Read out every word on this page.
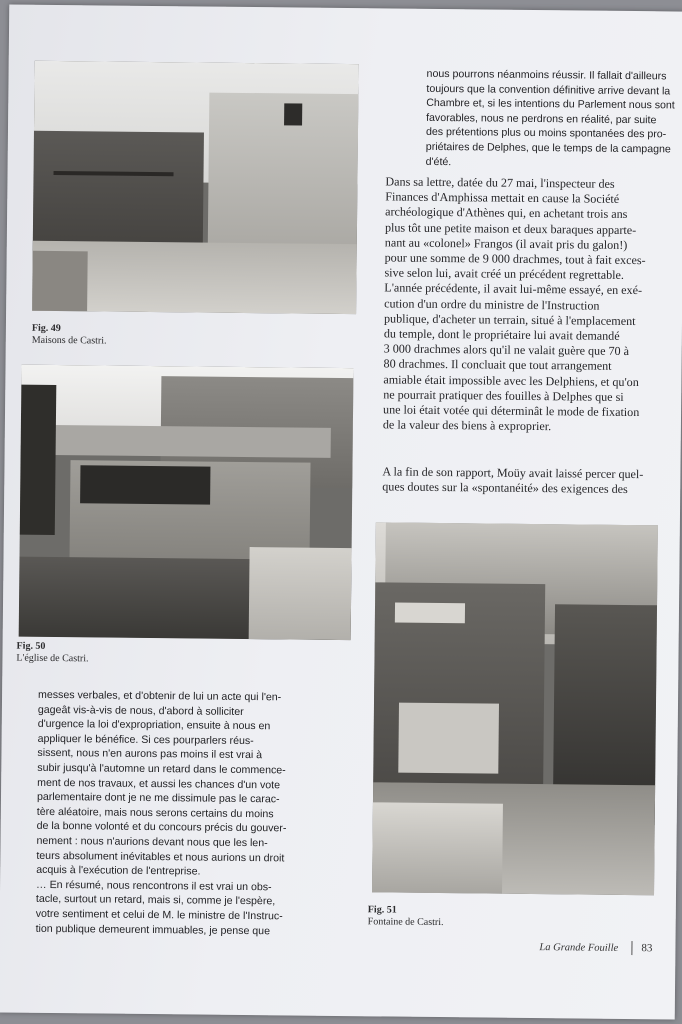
Fig. 49
Maisons de Castri.
Fig. 50
L'église de Castri.
Fig. 51
Fontaine de Castri.
nous pourrons néanmoins réussir. Il fallait d'ailleurs
toujours que la convention définitive arrive devant la
Chambre et, si les intentions du Parlement nous sont
favorables, nous ne perdrons en réalité, par suite
des prétentions plus ou moins spontanées des pro-
priétaires de Delphes, que le temps de la campagne
d'été.
Dans sa lettre, datée du 27 mai, l'inspecteur des
Finances d'Amphissa mettait en cause la Société
archéologique d'Athènes qui, en achetant trois ans
plus tôt une petite maison et deux baraques apparte-
nant au «colonel» Frangos (il avait pris du galon!)
pour une somme de 9 000 drachmes, tout à fait exces-
sive selon lui, avait créé un précédent regrettable.
L'année précédente, il avait lui-même essayé, en exé-
cution d'un ordre du ministre de l'Instruction
publique, d'acheter un terrain, situé à l'emplacement
du temple, dont le propriétaire lui avait demandé
3 000 drachmes alors qu'il ne valait guère que 70 à
80 drachmes. Il concluait que tout arrangement
amiable était impossible avec les Delphiens, et qu'on
ne pourrait pratiquer des fouilles à Delphes que si
une loi était votée qui déterminât le mode de fixation
de la valeur des biens à exproprier.
A la fin de son rapport, Moüy avait laissé percer quel-
ques doutes sur la «spontanéité» des exigences des
messes verbales, et d'obtenir de lui un acte qui l'en-
gageât vis-à-vis de nous, d'abord à solliciter
d'urgence la loi d'expropriation, ensuite à nous en
appliquer le bénéfice. Si ces pourparlers réus-
sissent, nous n'en aurons pas moins il est vrai à
subir jusqu'à l'automne un retard dans le commence-
ment de nos travaux, et aussi les chances d'un vote
parlementaire dont je ne me dissimule pas le carac-
tère aléatoire, mais nous serons certains du moins
de la bonne volonté et du concours précis du gouver-
nement : nous n'aurions devant nous que les len-
teurs absolument inévitables et nous aurions un droit
acquis à l'exécution de l'entreprise.
… En résumé, nous rencontrons il est vrai un obs-
tacle, surtout un retard, mais si, comme je l'espère,
votre sentiment et celui de M. le ministre de l'Instruc-
tion publique demeurent immuables, je pense que
La Grande Fouille 83
